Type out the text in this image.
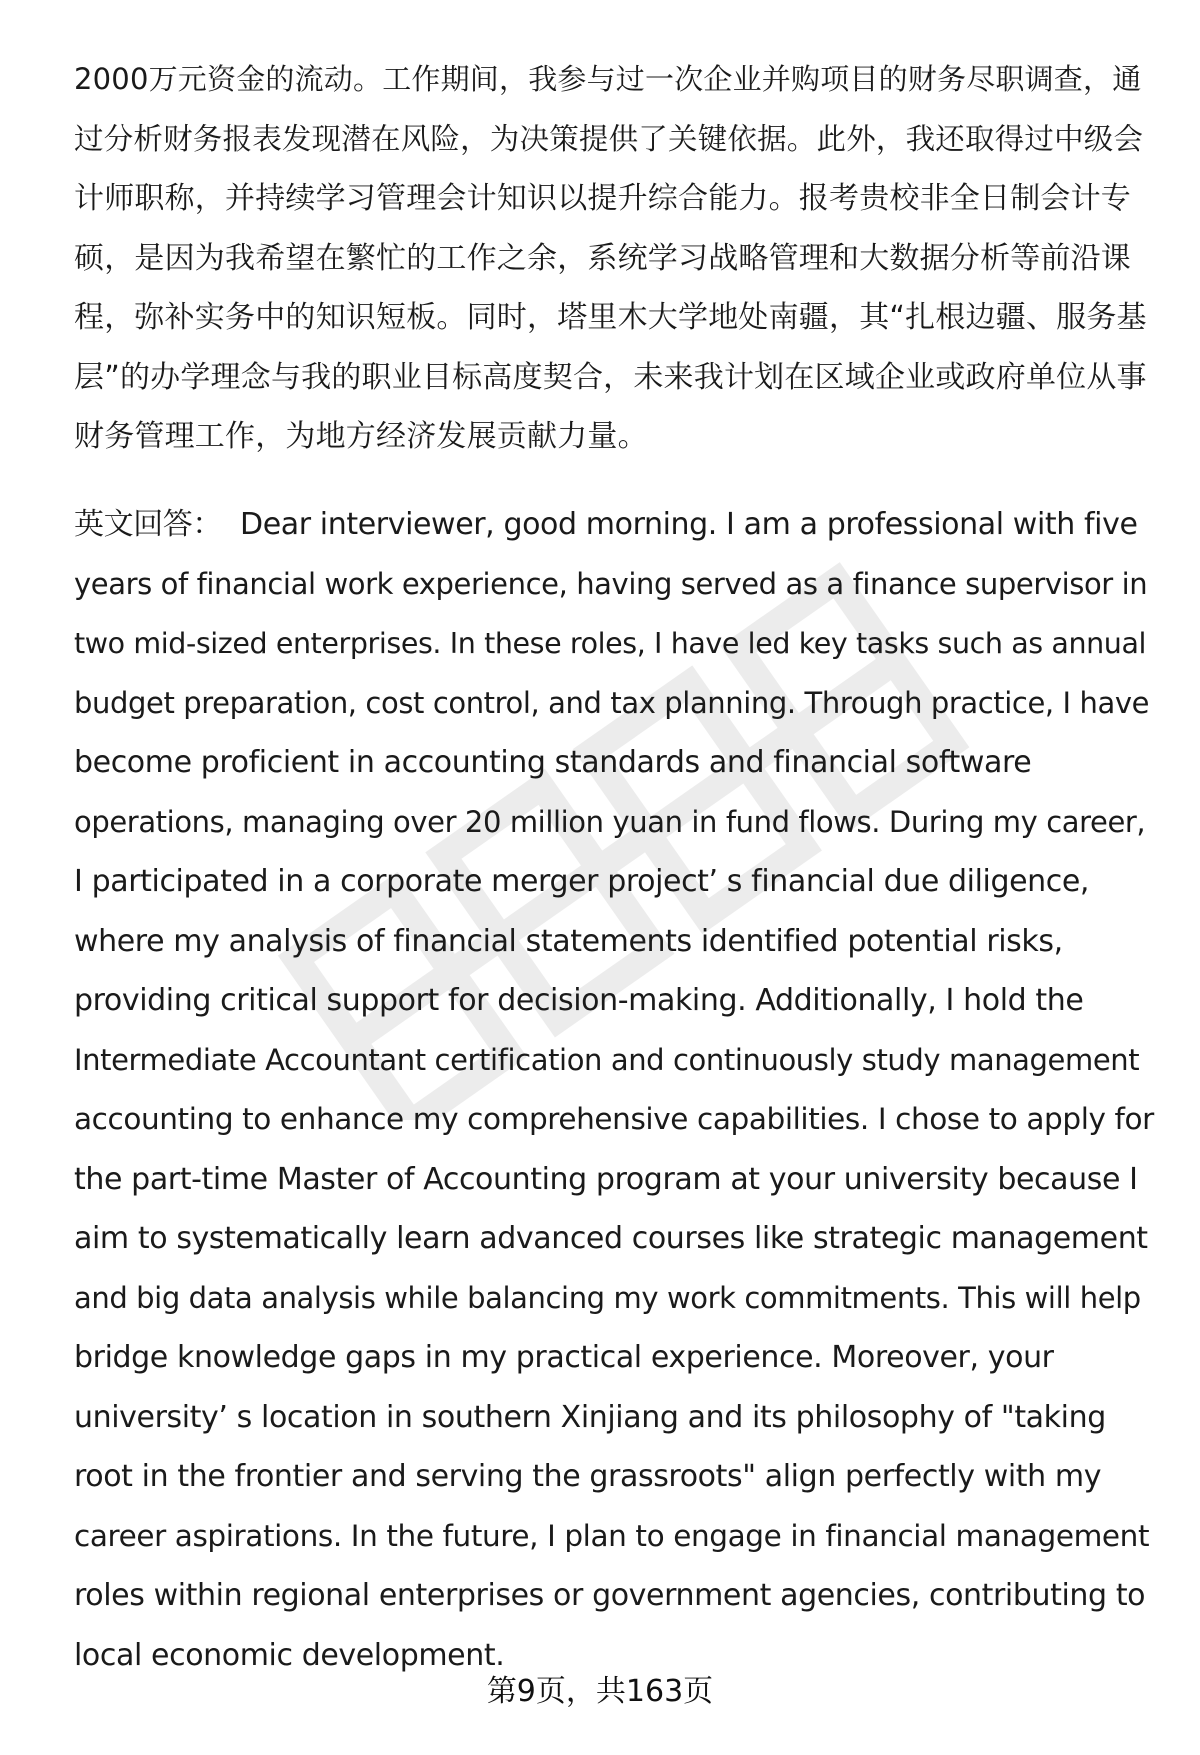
2000万元资金的流动。工作期间，我参与过一次企业并购项目的财务尽职调查，通
过分析财务报表发现潜在风险，为决策提供了关键依据。此外，我还取得过中级会
计师职称，并持续学习管理会计知识以提升综合能力。报考贵校非全日制会计专
硕，是因为我希望在繁忙的工作之余，系统学习战略管理和大数据分析等前沿课
程，弥补实务中的知识短板。同时，塔里木大学地处南疆，其“扎根边疆、服务基
层”的办学理念与我的职业目标高度契合，未来我计划在区域企业或政府单位从事
财务管理工作，为地方经济发展贡献力量。
英文回答： Dear interviewer, good morning. I am a professional with five
years of financial work experience, having served as a finance supervisor in
two mid-sized enterprises. In these roles, I have led key tasks such as annual
budget preparation, cost control, and tax planning. Through practice, I have
become proficient in accounting standards and financial software
operations, managing over 20 million yuan in fund flows. During my career,
I participated in a corporate merger project’ s financial due diligence,
where my analysis of financial statements identified potential risks,
providing critical support for decision-making. Additionally, I hold the
Intermediate Accountant certification and continuously study management
accounting to enhance my comprehensive capabilities. I chose to apply for
the part-time Master of Accounting program at your university because I
aim to systematically learn advanced courses like strategic management
and big data analysis while balancing my work commitments. This will help
bridge knowledge gaps in my practical experience. Moreover, your
university’ s location in southern Xinjiang and its philosophy of "taking
root in the frontier and serving the grassroots" align perfectly with my
career aspirations. In the future, I plan to engage in financial management
roles within regional enterprises or government agencies, contributing to
local economic development.
第9页，共163页
